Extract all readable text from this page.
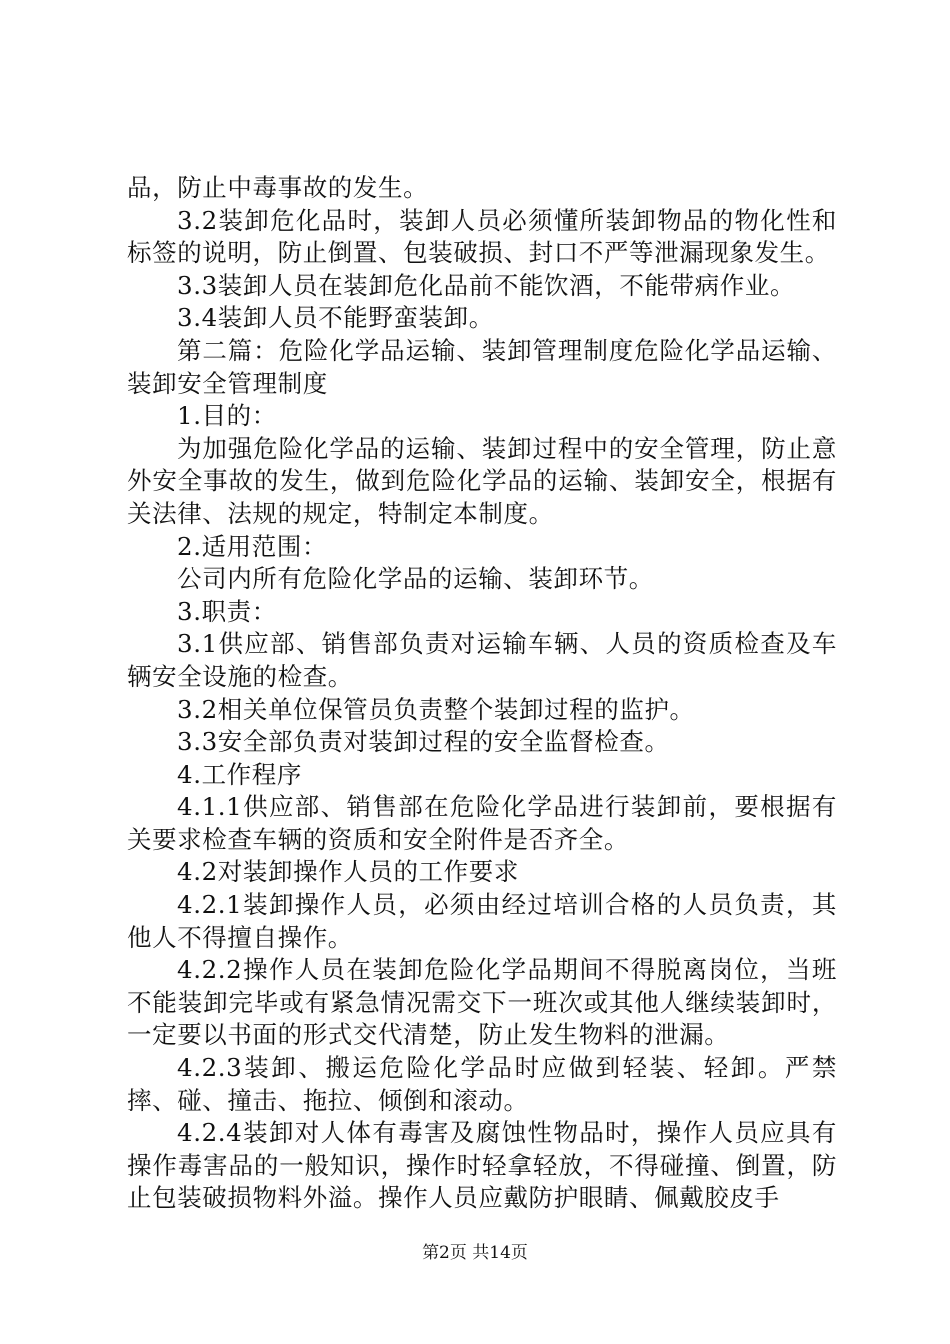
品，防止中毒事故的发生。

3.2装卸危化品时，装卸人员必须懂所装卸物品的物化性和标签的说明，防止倒置、包装破损、封口不严等泄漏现象发生。

3.3装卸人员在装卸危化品前不能饮酒，不能带病作业。

3.4装卸人员不能野蛮装卸。

第二篇：危险化学品运输、装卸管理制度危险化学品运输、装卸安全管理制度

1.目的：

为加强危险化学品的运输、装卸过程中的安全管理，防止意外安全事故的发生，做到危险化学品的运输、装卸安全，根据有关法律、法规的规定，特制定本制度。

2.适用范围：

公司内所有危险化学品的运输、装卸环节。

3.职责：

3.1供应部、销售部负责对运输车辆、人员的资质检查及车辆安全设施的检查。

3.2相关单位保管员负责整个装卸过程的监护。

3.3安全部负责对装卸过程的安全监督检查。

4.工作程序

4.1.1供应部、销售部在危险化学品进行装卸前，要根据有关要求检查车辆的资质和安全附件是否齐全。

4.2对装卸操作人员的工作要求

4.2.1装卸操作人员，必须由经过培训合格的人员负责，其他人不得擅自操作。

4.2.2操作人员在装卸危险化学品期间不得脱离岗位，当班不能装卸完毕或有紧急情况需交下一班次或其他人继续装卸时，一定要以书面的形式交代清楚，防止发生物料的泄漏。

4.2.3装卸、搬运危险化学品时应做到轻装、轻卸。严禁摔、碰、撞击、拖拉、倾倒和滚动。

4.2.4装卸对人体有毒害及腐蚀性物品时，操作人员应具有操作毒害品的一般知识，操作时轻拿轻放，不得碰撞、倒置，防止包装破损物料外溢。操作人员应戴防护眼睛、佩戴胶皮手

第2页 共14页
